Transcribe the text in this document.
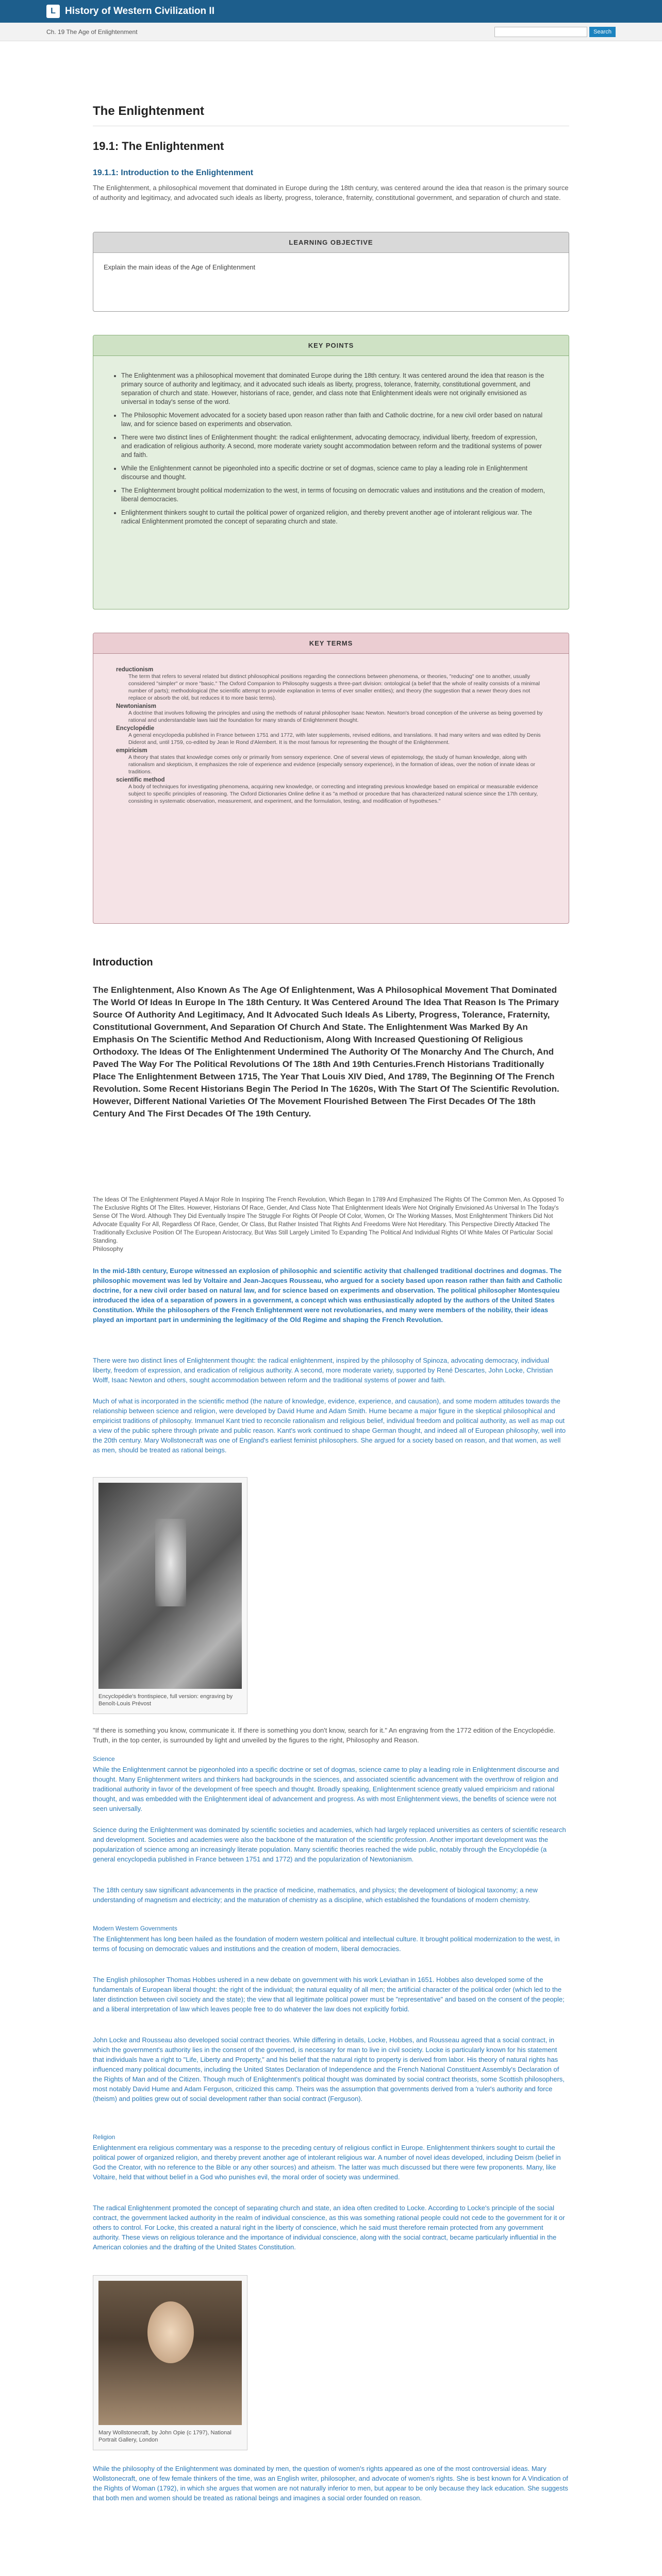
L History of Western Civilization II
Ch. 19 The Age of Enlightenment	Search
The Enlightenment
19.1: The Enlightenment
19.1.1: Introduction to the Enlightenment

The Enlightenment, a philosophical movement that dominated in Europe during the 18th century, was centered around the idea that reason is the primary source of authority and legitimacy, and advocated such ideals as liberty, progress, tolerance, fraternity, constitutional government, and separation of church and state.

LEARNING OBJECTIVE
Explain the main ideas of the Age of Enlightenment
KEY POINTS
• The Enlightenment was a philosophical movement that dominated Europe during the 18th century. It was centered around the idea that reason is the primary source of authority and legitimacy, and it advocated such ideals as liberty, progress, tolerance, fraternity, constitutional government, and separation of church and state. However, historians of race, gender, and class note that Enlightenment ideals were not originally envisioned as universal in today's sense of the word.
• The Philosophic Movement advocated for a society based upon reason rather than faith and Catholic doctrine, for a new civil order based on natural law, and for science based on experiments and observation.
• There were two distinct lines of Enlightenment thought: the radical enlightenment, advocating democracy, individual liberty, freedom of expression, and eradication of religious authority. A second, more moderate variety sought accommodation between reform and the traditional systems of power and faith.
• While the Enlightenment cannot be pigeonholed into a specific doctrine or set of dogmas, science came to play a leading role in Enlightenment discourse and thought.
• The Enlightenment brought political modernization to the west, in terms of focusing on democratic values and institutions and the creation of modern, liberal democracies.
• Enlightenment thinkers sought to curtail the political power of organized religion, and thereby prevent another age of intolerant religious war. The radical Enlightenment promoted the concept of separating church and state.
KEY TERMS
reductionism
The term that refers to several related but distinct philosophical positions regarding the connections between phenomena, or theories, "reducing" one to another, usually considered "simpler" or more "basic." The Oxford Companion to Philosophy suggests a three-part division: ontological (a belief that the whole of reality consists of a minimal number of parts); methodological (the scientific attempt to provide explanation in terms of ever smaller entities); and theory (the suggestion that a newer theory does not replace or absorb the old, but reduces it to more basic terms).
Newtonianism
A doctrine that involves following the principles and using the methods of natural philosopher Isaac Newton. Newton's broad conception of the universe as being governed by rational and understandable laws laid the foundation for many strands of Enlightenment thought.
Encyclopédie
A general encyclopedia published in France between 1751 and 1772, with later supplements, revised editions, and translations. It had many writers and was edited by Denis Diderot and, until 1759, co-edited by Jean le Rond d'Alembert. It is the most famous for representing the thought of the Enlightenment.
empiricism
A theory that states that knowledge comes only or primarily from sensory experience. One of several views of epistemology, the study of human knowledge, along with rationalism and skepticism, it emphasizes the role of experience and evidence (especially sensory experience), in the formation of ideas, over the notion of innate ideas or traditions.
scientific method
A body of techniques for investigating phenomena, acquiring new knowledge, or correcting and integrating previous knowledge based on empirical or measurable evidence subject to specific principles of reasoning. The Oxford Dictionaries Online define it as "a method or procedure that has characterized natural science since the 17th century, consisting in systematic observation, measurement, and experiment, and the formulation, testing, and modification of hypotheses."
Introduction

The Enlightenment, Also Known As The Age Of Enlightenment, Was A Philosophical Movement That Dominated The World Of Ideas In Europe In The 18th Century. It Was Centered Around The Idea That Reason Is The Primary Source Of Authority And Legitimacy, And It Advocated Such Ideals As Liberty, Progress, Tolerance, Fraternity, Constitutional Government, And Separation Of Church And State. The Enlightenment Was Marked By An Emphasis On The Scientific Method And Reductionism, Along With Increased Questioning Of Religious Orthodoxy. The Ideas Of The Enlightenment Undermined The Authority Of The Monarchy And The Church, And Paved The Way For The Political Revolutions Of The 18th And 19th Centuries.French Historians Traditionally Place The Enlightenment Between 1715, The Year That Louis XIV Died, And 1789, The Beginning Of The French Revolution. Some Recent Historians Begin The Period In The 1620s, With The Start Of The Scientific Revolution. However, Different National Varieties Of The Movement Flourished Between The First Decades Of The 18th Century And The First Decades Of The 19th Century.

The Ideas Of The Enlightenment Played A Major Role In Inspiring The French Revolution, Which Began In 1789 And Emphasized The Rights Of The Common Men, As Opposed To The Exclusive Rights Of The Elites. However, Historians Of Race, Gender, And Class Note That Enlightenment Ideals Were Not Originally Envisioned As Universal In The Today's Sense Of The Word. Although They Did Eventually Inspire The Struggle For Rights Of People Of Color, Women, Or The Working Masses, Most Enlightenment Thinkers Did Not Advocate Equality For All, Regardless Of Race, Gender, Or Class, But Rather Insisted That Rights And Freedoms Were Not Hereditary. This Perspective Directly Attacked The Traditionally Exclusive Position Of The European Aristocracy, But Was Still Largely Limited To Expanding The Political And Individual Rights Of White Males Of Particular Social Standing.

Philosophy

In the mid-18th century, Europe witnessed an explosion of philosophic and scientific activity that challenged traditional doctrines and dogmas. The philosophic movement was led by Voltaire and Jean-Jacques Rousseau, who argued for a society based upon reason rather than faith and Catholic doctrine, for a new civil order based on natural law, and for science based on experiments and observation. The political philosopher Montesquieu introduced the idea of a separation of powers in a government, a concept which was enthusiastically adopted by the authors of the United States Constitution. While the philosophers of the French Enlightenment were not revolutionaries, and many were members of the nobility, their ideas played an important part in undermining the legitimacy of the Old Regime and shaping the French Revolution.

There were two distinct lines of Enlightenment thought: the radical enlightenment, inspired by the philosophy of Spinoza, advocating democracy, individual liberty, freedom of expression, and eradication of religious authority. A second, more moderate variety, supported by René Descartes, John Locke, Christian Wolff, Isaac Newton and others, sought accommodation between reform and the traditional systems of power and faith.

Much of what is incorporated in the scientific method (the nature of knowledge, evidence, experience, and causation), and some modern attitudes towards the relationship between science and religion, were developed by David Hume and Adam Smith. Hume became a major figure in the skeptical philosophical and empiricist traditions of philosophy. Immanuel Kant tried to reconcile rationalism and religious belief, individual freedom and political authority, as well as map out a view of the public sphere through private and public reason. Kant's work continued to shape German thought, and indeed all of European philosophy, well into the 20th century. Mary Wollstonecraft was one of England's earliest feminist philosophers. She argued for a society based on reason, and that women, as well as men, should be treated as rational beings.

Encyclopédie's frontispiece, full version: engraving by Benoît-Louis Prévost

"If there is something you know, communicate it. If there is something you don't know, search for it." An engraving from the 1772 edition of the Encyclopédie. Truth, in the top center, is surrounded by light and unveiled by the figures to the right, Philosophy and Reason.

Science

While the Enlightenment cannot be pigeonholed into a specific doctrine or set of dogmas, science came to play a leading role in Enlightenment discourse and thought. Many Enlightenment writers and thinkers had backgrounds in the sciences, and associated scientific advancement with the overthrow of religion and traditional authority in favor of the development of free speech and thought. Broadly speaking, Enlightenment science greatly valued empiricism and rational thought, and was embedded with the Enlightenment ideal of advancement and progress. As with most Enlightenment views, the benefits of science were not seen universally.

Science during the Enlightenment was dominated by scientific societies and academies, which had largely replaced universities as centers of scientific research and development. Societies and academies were also the backbone of the maturation of the scientific profession. Another important development was the popularization of science among an increasingly literate population. Many scientific theories reached the wide public, notably through the Encyclopédie (a general encyclopedia published in France between 1751 and 1772) and the popularization of Newtonianism.

The 18th century saw significant advancements in the practice of medicine, mathematics, and physics; the development of biological taxonomy; a new understanding of magnetism and electricity; and the maturation of chemistry as a discipline, which established the foundations of modern chemistry.

Modern Western Governments

The Enlightenment has long been hailed as the foundation of modern western political and intellectual culture. It brought political modernization to the west, in terms of focusing on democratic values and institutions and the creation of modern, liberal democracies.

The English philosopher Thomas Hobbes ushered in a new debate on government with his work Leviathan in 1651. Hobbes also developed some of the fundamentals of European liberal thought: the right of the individual; the natural equality of all men; the artificial character of the political order (which led to the later distinction between civil society and the state); the view that all legitimate political power must be "representative" and based on the consent of the people; and a liberal interpretation of law which leaves people free to do whatever the law does not explicitly forbid.

John Locke and Rousseau also developed social contract theories. While differing in details, Locke, Hobbes, and Rousseau agreed that a social contract, in which the government's authority lies in the consent of the governed, is necessary for man to live in civil society. Locke is particularly known for his statement that individuals have a right to "Life, Liberty and Property," and his belief that the natural right to property is derived from labor. His theory of natural rights has influenced many political documents, including the United States Declaration of Independence and the French National Constituent Assembly's Declaration of the Rights of Man and of the Citizen. Though much of Enlightenment's political thought was dominated by social contract theorists, some Scottish philosophers, most notably David Hume and Adam Ferguson, criticized this camp. Theirs was the assumption that governments derived from a 'ruler's authority and force (theism) and polities grew out of social development rather than social contract (Ferguson).

Religion

Enlightenment era religious commentary was a response to the preceding century of religious conflict in Europe. Enlightenment thinkers sought to curtail the political power of organized religion, and thereby prevent another age of intolerant religious war. A number of novel ideas developed, including Deism (belief in God the Creator, with no reference to the Bible or any other sources) and atheism. The latter was much discussed but there were few proponents. Many, like Voltaire, held that without belief in a God who punishes evil, the moral order of society was undermined.

The radical Enlightenment promoted the concept of separating church and state, an idea often credited to Locke. According to Locke's principle of the social contract, the government lacked authority in the realm of individual conscience, as this was something rational people could not cede to the government for it or others to control. For Locke, this created a natural right in the liberty of conscience, which he said must therefore remain protected from any government authority. These views on religious tolerance and the importance of individual conscience, along with the social contract, became particularly influential in the American colonies and the drafting of the United States Constitution.

Mary Wollstonecraft, by John Opie (c 1797), National Portrait Gallery, London

While the philosophy of the Enlightenment was dominated by men, the question of women's rights appeared as one of the most controversial ideas. Mary Wollstonecraft, one of few female thinkers of the time, was an English writer, philosopher, and advocate of women's rights. She is best known for A Vindication of the Rights of Woman (1792), in which she argues that women are not naturally inferior to men, but appear to be only because they lack education. She suggests that both men and women should be treated as rational beings and imagines a social order founded on reason.
